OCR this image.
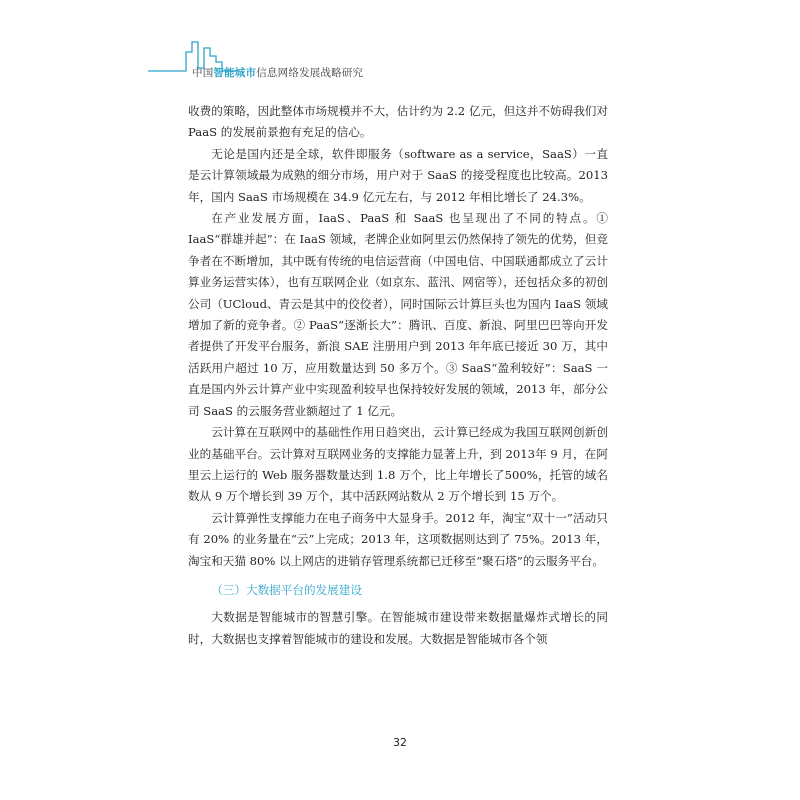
中国智能城市信息网络发展战略研究

收费的策略，因此整体市场规模并不大，估计约为 2.2 亿元，但这并不妨碍我们对 PaaS 的发展前景抱有充足的信心。

无论是国内还是全球，软件即服务（software as a service，SaaS）一直是云计算领域最为成熟的细分市场，用户对于 SaaS 的接受程度也比较高。2013年，国内 SaaS 市场规模在 34.9 亿元左右，与 2012 年相比增长了 24.3%。

在产业发展方面，IaaS、PaaS 和 SaaS 也呈现出了不同的特点。① IaaS“群雄并起”：在 IaaS 领域，老牌企业如阿里云仍然保持了领先的优势，但竞争者在不断增加，其中既有传统的电信运营商（中国电信、中国联通都成立了云计算业务运营实体），也有互联网企业（如京东、蓝汛、网宿等），还包括众多的初创公司（UCloud、青云是其中的佼佼者），同时国际云计算巨头也为国内 IaaS 领域增加了新的竞争者。② PaaS“逐渐长大”：腾讯、百度、新浪、阿里巴巴等向开发者提供了开发平台服务，新浪 SAE 注册用户到 2013 年年底已接近 30 万，其中活跃用户超过 10 万，应用数量达到 50 多万个。③ SaaS“盈利较好”：SaaS 一直是国内外云计算产业中实现盈利较早也保持较好发展的领域，2013 年，部分公司 SaaS 的云服务营业额超过了 1 亿元。

云计算在互联网中的基础性作用日趋突出，云计算已经成为我国互联网创新创业的基础平台。云计算对互联网业务的支撑能力显著上升，到 2013年 9 月，在阿里云上运行的 Web 服务器数量达到 1.8 万个，比上年增长了500%，托管的域名数从 9 万个增长到 39 万个，其中活跃网站数从 2 万个增长到 15 万个。

云计算弹性支撑能力在电子商务中大显身手。2012 年，淘宝“双十一”活动只有 20% 的业务量在“云”上完成；2013 年，这项数据则达到了 75%。2013 年，淘宝和天猫 80% 以上网店的进销存管理系统都已迁移至“聚石塔”的云服务平台。

（三）大数据平台的发展建设

大数据是智能城市的智慧引擎。在智能城市建设带来数据量爆炸式增长的同时，大数据也支撑着智能城市的建设和发展。大数据是智能城市各个领

32
